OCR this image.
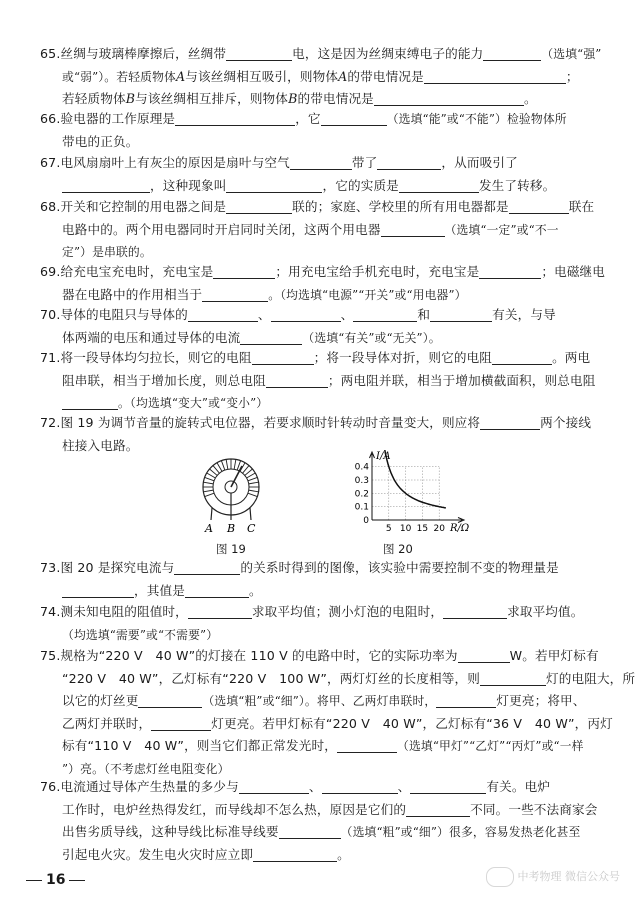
65.丝绸与玻璃棒摩擦后，丝绸带	电，这是因为丝绸束缚电子的能力	（选填“强”
或“弱”）。若轻质物体A与该丝绸相互吸引，则物体A的带电情况是	；
若轻质物体B与该丝绸相互排斥，则物体B的带电情况是	。
66.验电器的工作原理是	，它	（选填“能”或“不能”）检验物体所
带电的正负。
67.电风扇扇叶上有灰尘的原因是扇叶与空气	带了	，从而吸引了
，这种现象叫	，它的实质是	发生了转移。
68.开关和它控制的用电器之间是	联的；家庭、学校里的所有用电器都是	联在
电路中的。两个用电器同时开启同时关闭，这两个用电器	（选填“一定”或“不一
定”）是串联的。
69.给充电宝充电时，充电宝是	；用充电宝给手机充电时，充电宝是	；电磁继电
器在电路中的作用相当于	。（均选填“电源”“开关”或“用电器”）
70.导体的电阻只与导体的	、	、	和	有关，与导
体两端的电压和通过导体的电流	（选填“有关”或“无关”）。
71.将一段导体均匀拉长，则它的电阻	；将一段导体对折，则它的电阻	。两电
阻串联，相当于增加长度，则总电阻	；两电阻并联，相当于增加横截面积，则总电阻
。（均选填“变大”或“变小”）
72.图 19 为调节音量的旋转式电位器，若要求顺时针转动时音量变大，则应将	两个接线
柱接入电路。
A B C
图 19
0.4
0.3
0.2
0.1
0
5 10 15 20
I/A
R/Ω
图 20
73.图 20 是探究电流与	的关系时得到的图像，该实验中需要控制不变的物理量是
，其值是	。
74.测未知电阻的阻值时，	求取平均值；测小灯泡的电阻时，	求取平均值。
（均选填“需要”或“不需要”）
75.规格为“220 V　40 W”的灯接在 110 V 的电路中时，它的实际功率为	W。若甲灯标有
“220 V　40 W”，乙灯标有“220 V　100 W”，两灯灯丝的长度相等，则	灯的电阻大，所
以它的灯丝更	（选填“粗”或“细”）。将甲、乙两灯串联时，	灯更亮；将甲、
乙两灯并联时，	灯更亮。若甲灯标有“220 V　40 W”，乙灯标有“36 V　40 W”，丙灯
标有“110 V　40 W”，则当它们都正常发光时，	（选填“甲灯”“乙灯”“丙灯”或“一样
”）亮。（不考虑灯丝电阻变化）
76.电流通过导体产生热量的多少与	、	、	有关。电炉
工作时，电炉丝热得发红，而导线却不怎么热，原因是它们的	不同。一些不法商家会
出售劣质导线，这种导线比标准导线要	（选填“粗”或“细”）很多，容易发热老化甚至
引起电火灾。发生电火灾时应立即	。
16	中考物理 微信公众号
